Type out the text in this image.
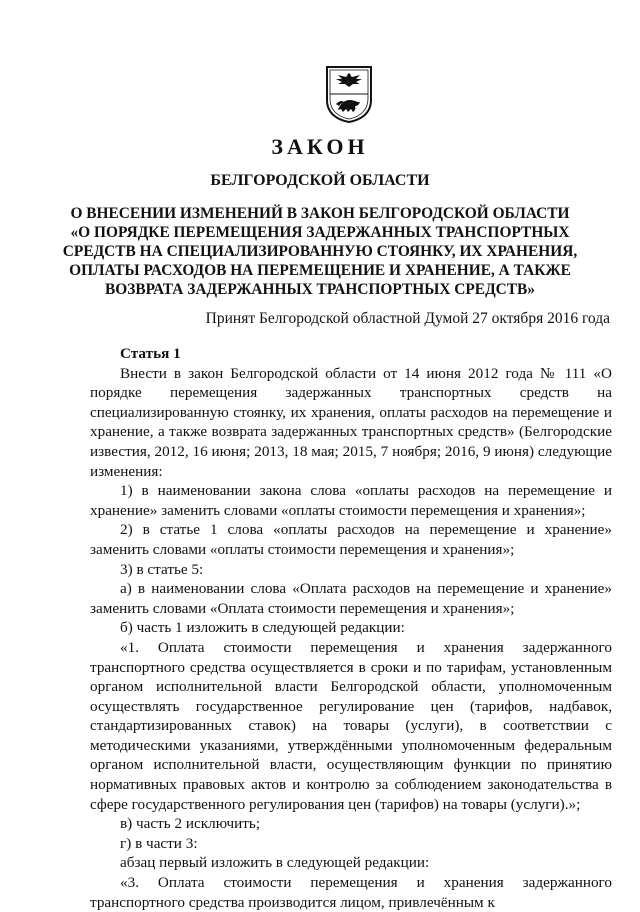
ЗАКОН
БЕЛГОРОДСКОЙ ОБЛАСТИ
О ВНЕСЕНИИ ИЗМЕНЕНИЙ В ЗАКОН БЕЛГОРОДСКОЙ ОБЛАСТИ
«О ПОРЯДКЕ ПЕРЕМЕЩЕНИЯ ЗАДЕРЖАННЫХ ТРАНСПОРТНЫХ
СРЕДСТВ НА СПЕЦИАЛИЗИРОВАННУЮ СТОЯНКУ, ИХ ХРАНЕНИЯ,
ОПЛАТЫ РАСХОДОВ НА ПЕРЕМЕЩЕНИЕ И ХРАНЕНИЕ, А ТАКЖЕ
ВОЗВРАТА ЗАДЕРЖАННЫХ ТРАНСПОРТНЫХ СРЕДСТВ»
Принят Белгородской областной Думой 27 октября 2016 года

Статья 1

Внести в закон Белгородской области от 14 июня 2012 года № 111 «О порядке перемещения задержанных транспортных средств на специализированную стоянку, их хранения, оплаты расходов на перемещение и хранение, а также возврата задержанных транспортных средств» (Белгородские известия, 2012, 16 июня; 2013, 18 мая; 2015, 7 ноября; 2016, 9 июня) следующие изменения:

1) в наименовании закона слова «оплаты расходов на перемещение и хранение» заменить словами «оплаты стоимости перемещения и хранения»;

2) в статье 1 слова «оплаты расходов на перемещение и хранение» заменить словами «оплаты стоимости перемещения и хранения»;

3) в статье 5:

а) в наименовании слова «Оплата расходов на перемещение и хранение» заменить словами «Оплата стоимости перемещения и хранения»;

б) часть 1 изложить в следующей редакции:

«1. Оплата стоимости перемещения и хранения задержанного транспортного средства осуществляется в сроки и по тарифам, установленным органом исполнительной власти Белгородской области, уполномоченным осуществлять государственное регулирование цен (тарифов, надбавок, стандартизированных ставок) на товары (услуги), в соответствии с методическими указаниями, утверждёнными уполномоченным федеральным органом исполнительной власти, осуществляющим функции по принятию нормативных правовых актов и контролю за соблюдением законодательства в сфере государственного регулирования цен (тарифов) на товары (услуги).»;

в) часть 2 исключить;

г) в части 3:

абзац первый изложить в следующей редакции:

«3. Оплата стоимости перемещения и хранения задержанного транспортного средства производится лицом, привлечённым к
